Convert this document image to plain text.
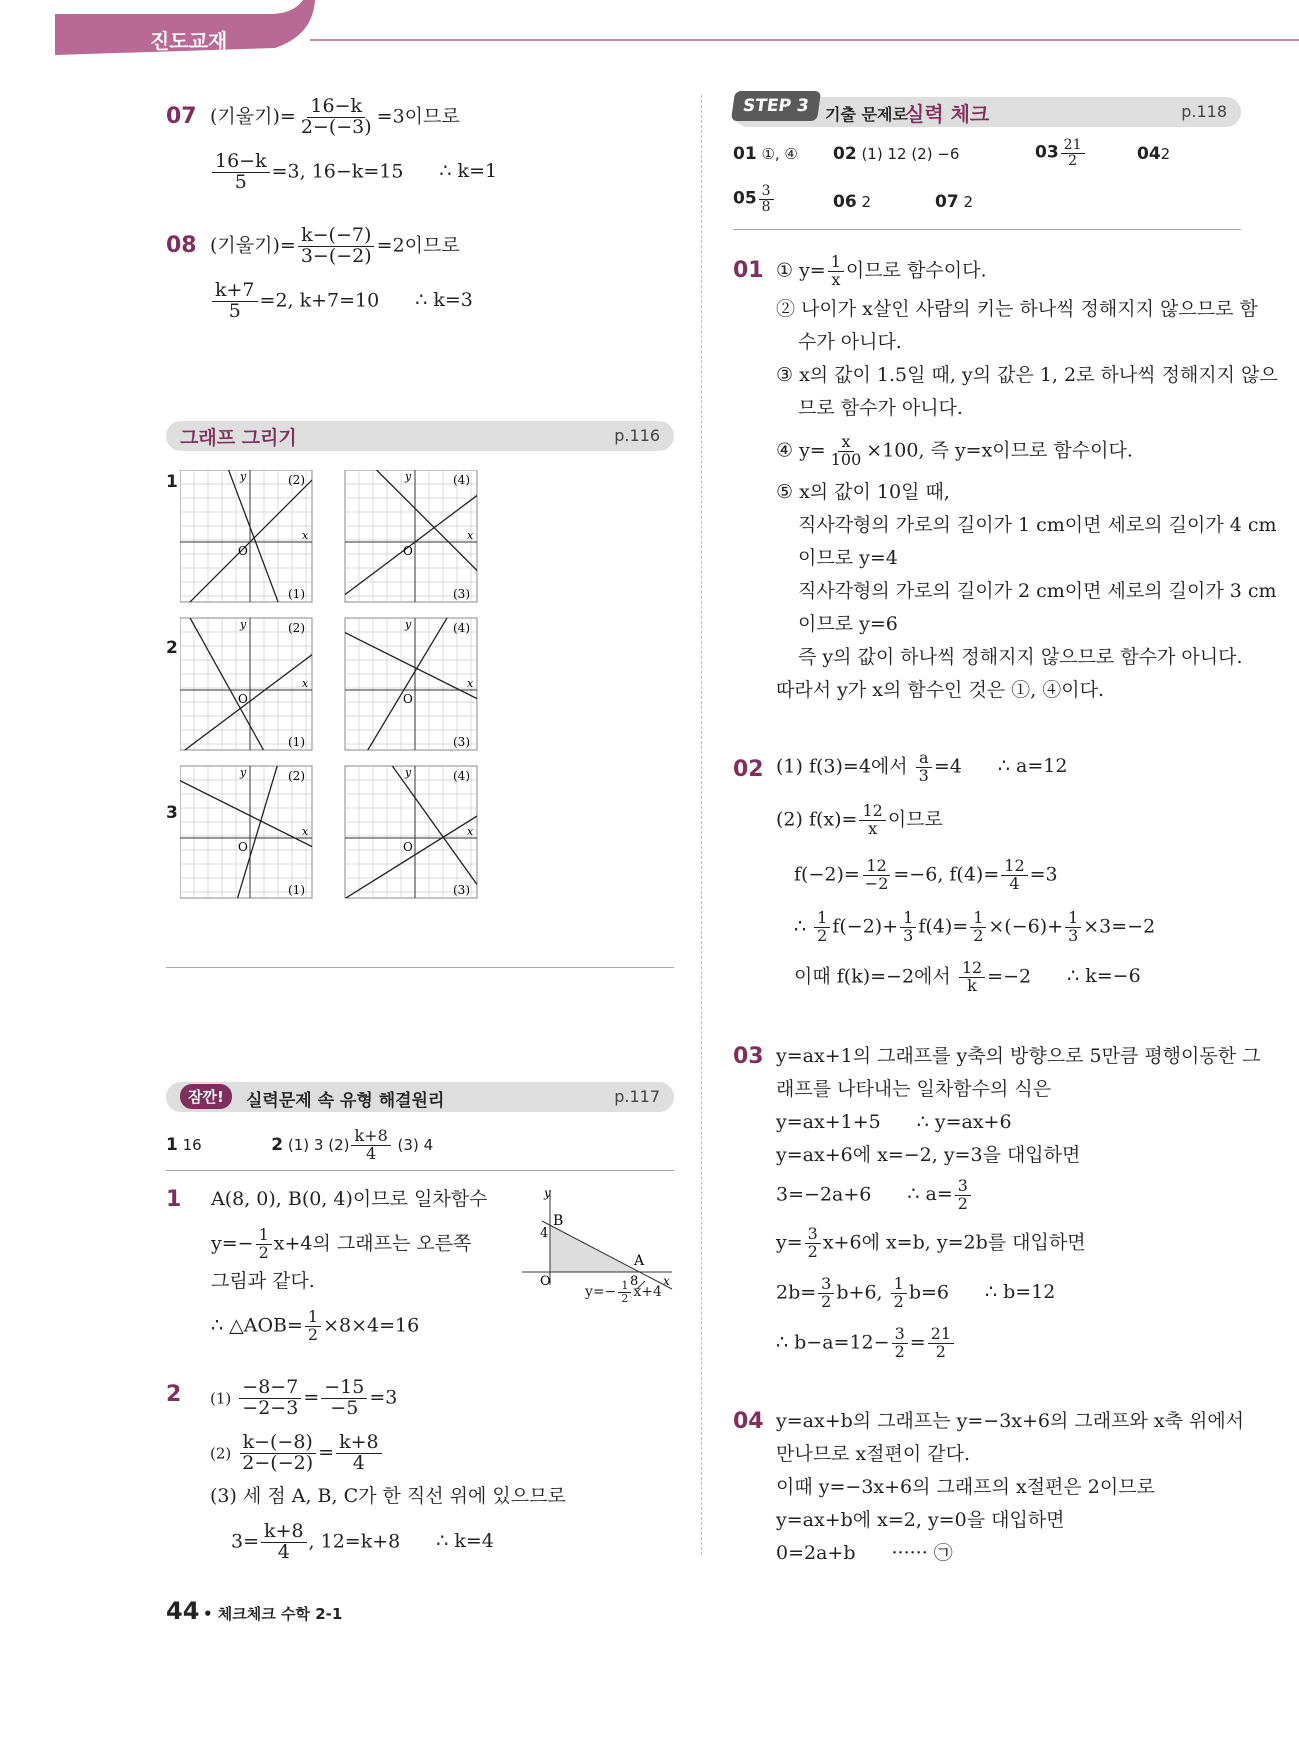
진도교재
07 (기울기)= $\frac{16-k}{2-(-3)} =3$이므로
$\frac{16-k}{5} =3$, 16−k=15 ∴ k=1
08 (기울기)= $\frac{k-(-7)}{3-(-2)} =2$이므로
$\frac{k+7}{5} =2$, k+7=10 ∴ k=3
그래프 그리기	p.116
1
2
3
(1)
(2)
O
y
x
(3)
(4)
O
y
x
(1)
(2)
O
y
x
(3)
(4)
O
y
x
(1)
(2)
O
y
x
(3)
(4)
O
y
x
잠깐!	실력문제 속 유형 해결원리	p.117
1 16	2 (1) 3 $(2) \frac{k+8}{4} (3)$ 4
1 A(8, 0), B(0, 4)이므로 일차함수
$y=- \frac{1}{2} x+4$의 그래프는 오른쪽
그림과 같다.
∴ △AOB= $\frac{1}{2} \times 8\times 4=16$
y
x
B
A
O
4
8
$y=- \frac{1}{2} x+4$
2 $(1) \frac{-8-7}{-2-3} = \frac{-15}{-5} =3$
$(2) \frac{k-(-8)}{2-(-2)} = \frac{k+8}{4}$
(3) 세 점 A, B, C가 한 직선 위에 있으므로
$3= \frac{k+8}{4}$ , 12=k+8 ∴ k=4
44 • 체크체크 수학 2-1
STEP 3 기출 문제로
실력 체크	p.118
01 ①, ④ 02 (1) 12 (2) −6	$03 \frac{21}{2}$	042
$05 \frac{3}{8}$	06 2	07 2
01 ① $y= \frac{1}{x}$ 이므로 함수이다.
② 나이가 x살인 사람의 키는 하나씩 정해지지 않으므로 함
수가 아니다.
③ x의 값이 1.5일 때, y의 값은 1, 2로 하나씩 정해지지 않으
므로 함수가 아니다.
④ $y= \frac{x}{100} \times 100$, 즉 y=x이므로 함수이다.
⑤ x의 값이 10일 때,
직사각형의 가로의 길이가 1 cm이면 세로의 길이가 4 cm
이므로 y=4
직사각형의 가로의 길이가 2 cm이면 세로의 길이가 3 cm
이므로 y=6
즉 y의 값이 하나씩 정해지지 않으므로 함수가 아니다.
따라서 y가 x의 함수인 것은 ①, ④이다.
02 (1) f(3)=4에서 $\frac{a}{3} =4$ ∴ a=12
(2) $f(x)= \frac{12}{x}$ 이므로
$f(-2)= \frac{12}{-2} =-6$, $f(4)= \frac{12}{4} =3$
∴ $\frac{1}{2} f(-2)+ \frac{1}{3} f(4)= \frac{1}{2} \times(-6)+ \frac{1}{3} \times 3=-2$
이때 f(k)=−2에서 $\frac{12}{k} =-2$ ∴ k=−6
03 y=ax+1의 그래프를 y축의 방향으로 5만큼 평행이동한 그
래프를 나타내는 일차함수의 식은
y=ax+1+5 ∴ y=ax+6
y=ax+6에 x=−2, y=3을 대입하면
3=−2a+6 ∴ $a= \frac{3}{2}$
$y= \frac{3}{2} x+6$에 x=b, y=2b를 대입하면
$2b= \frac{3}{2} b+6$, $\frac{1}{2} b=6$ ∴ b=12
∴ $b-a=12- \frac{3}{2} = \frac{21}{2}$
04 y=ax+b의 그래프는 y=−3x+6의 그래프와 x축 위에서
만나므로 x절편이 같다.
이때 y=−3x+6의 그래프의 x절편은 2이므로
y=ax+b에 x=2, y=0을 대입하면
0=2a+b ······ ㉠
